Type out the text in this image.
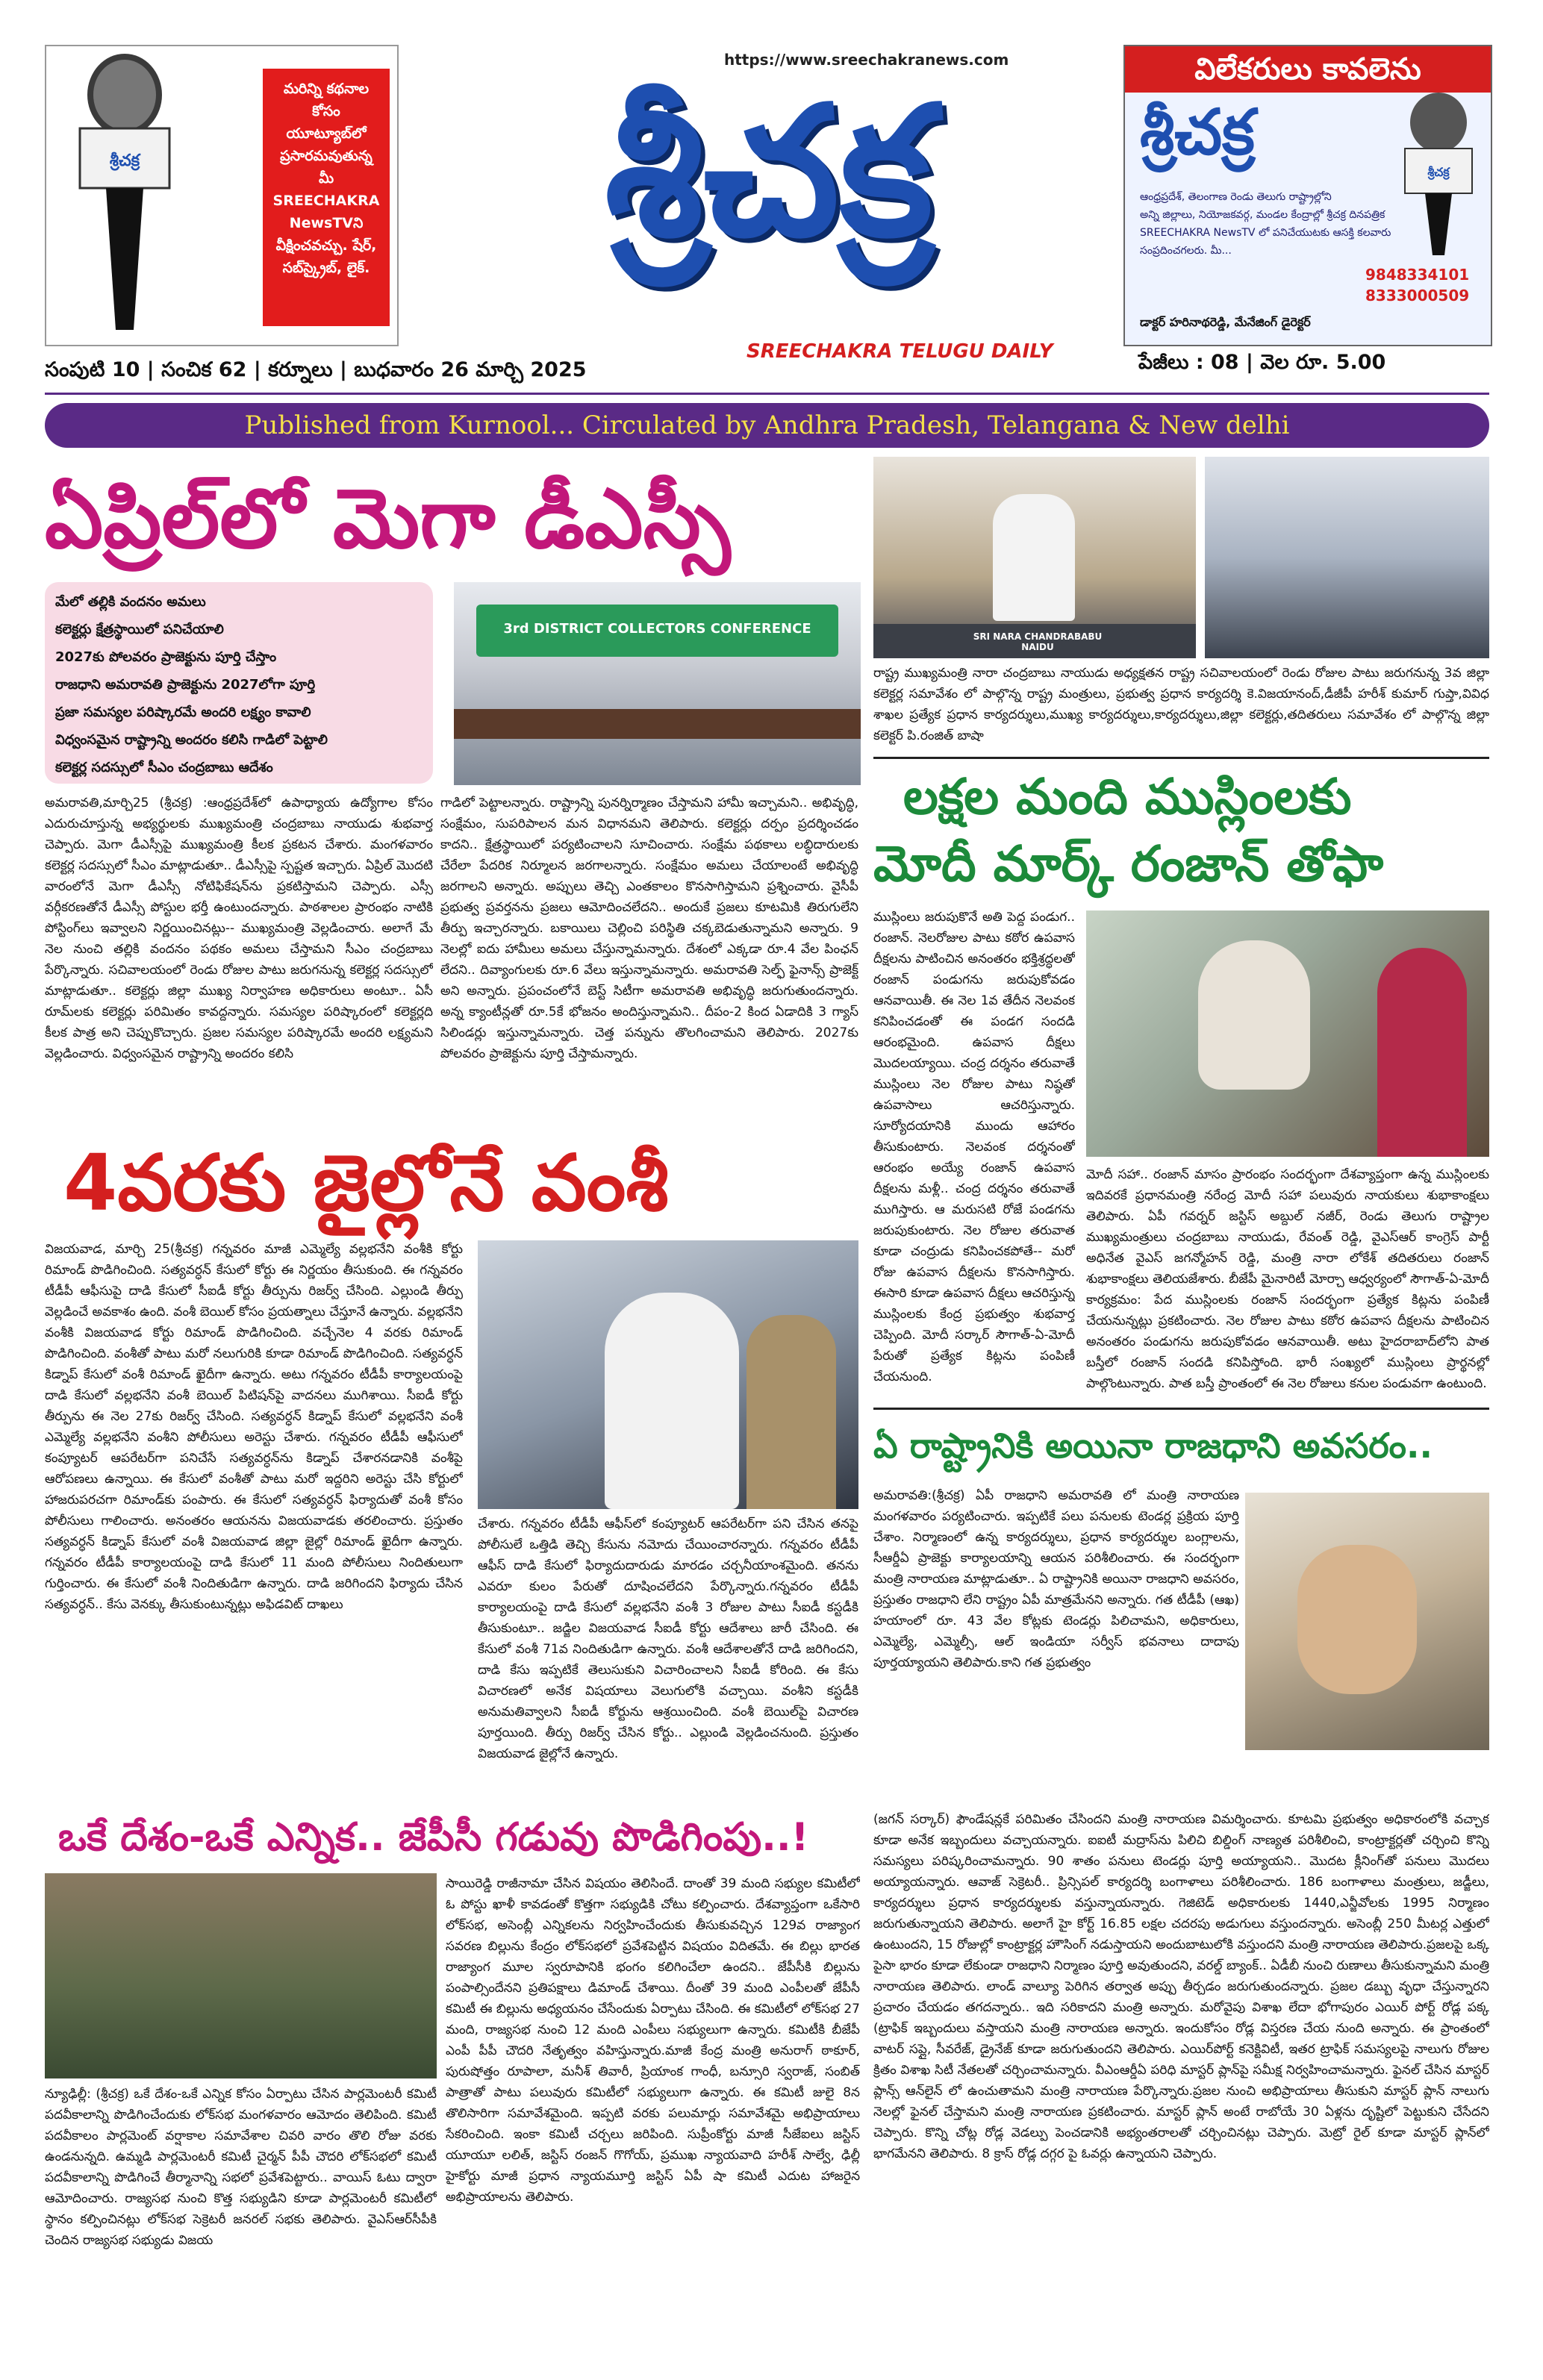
శ్రీచక్ర
మరిన్ని కథనాల కోసం యూట్యూబ్‌లో ప్రసారమవుతున్న మీ SREECHAKRA NewsTVని వీక్షించవచ్చు. షేర్, సబ్‌స్క్రైబ్, లైక్.
https://www.sreechakranews.com
శ్రీచక్ర
SREECHAKRA TELUGU DAILY
విలేకరులు కావలెను
శ్రీచక్ర
శ్రీచక్ర
ఆంధ్రప్రదేశ్, తెలంగాణ రెండు తెలుగు రాష్ట్రాల్లోని
అన్ని జిల్లాలు, నియోజకవర్గ, మండల కేంద్రాల్లో శ్రీచక్ర దినపత్రిక
SREECHAKRA NewsTV లో పనిచేయుటకు ఆసక్తి కలవారు
సంప్రదించగలరు. మీ...
9848334101
8333000509
డాక్టర్ హరినాథరెడ్డి, మేనేజింగ్ డైరెక్టర్
సంపుటి 10 | సంచిక 62 | కర్నూలు | బుధవారం 26 మార్చి 2025	పేజీలు : 08 | వెల రూ. 5.00
Published from Kurnool... Circulated by Andhra Pradesh, Telangana & New delhi
ఏప్రిల్‌లో మెగా డీఎస్సీ
మే‌లో తల్లికి వందనం అమలు
కలెక్టర్లు క్షేత్రస్థాయిలో పనిచేయాలి
2027కు పోలవరం ప్రాజెక్టును పూర్తి చేస్తాం
రాజధాని అమరావతి ప్రాజెక్టును 2027లోగా పూర్తి
ప్రజా సమస్యల పరిష్కారమే అందరి లక్ష్యం కావాలి
విధ్వంసమైన రాష్ట్రాన్ని అందరం కలిసి గాడిలో పెట్టాలి
కలెక్టర్ల సదస్సులో సీఎం చంద్రబాబు ఆదేశం
3rd DISTRICT COLLECTORS CONFERENCE
అమరావతి,మార్చి25 (శ్రీచక్ర) :ఆంధ్రప్రదేశ్‌లో ఉపాధ్యాయ ఉద్యోగాల కోసం ఎదురుచూస్తున్న అభ్యర్థులకు ముఖ్యమంత్రి చంద్రబాబు నాయుడు శుభవార్త చెప్పారు. మెగా డీఎస్సీపై ముఖ్యమంత్రి కీలక ప్రకటన చేశారు. మంగళవారం కలెక్టర్ల సదస్సులో సీఎం మాట్లాడుతూ.. డీఎస్సీపై స్పష్టత ఇచ్చారు. ఏప్రిల్ మొదటి వారంలోనే మెగా డీఎస్సీ నోటిఫికేషన్‌ను ప్రకటిస్తామని చెప్పారు. ఎస్సీ వర్గీకరణతోనే డీఎస్సీ పోస్టుల భర్తీ ఉంటుందన్నారు. పాఠశాలల ప్రారంభం నాటికి పోస్టింగ్‌లు ఇవ్వాలని నిర్ణయించినట్లు-- ముఖ్యమంత్రి వెల్లడించారు. అలాగే మే నెల నుంచి తల్లికి వందనం పథకం అమలు చేస్తామని సీఎం చంద్రబాబు పేర్కొన్నారు. సచివాలయంలో రెండు రోజుల పాటు జరుగనున్న కలెక్టర్ల సదస్సులో మాట్లాడుతూ.. కలెక్టర్లు జిల్లా ముఖ్య నిర్వాహణ అధికారులు అంటూ.. ఏసీ రూమ్‌లకు కలెక్టర్లు పరిమితం కావద్దన్నారు. సమస్యల పరిష్కారంలో కలెక్టర్లది కీలక పాత్ర అని చెప్పుకొచ్చారు. ప్రజల సమస్యల పరిష్కారమే అందరి లక్ష్యమని వెల్లడించారు. విధ్వంసమైన రాష్ట్రాన్ని అందరం కలిసి
గాడిలో పెట్టాలన్నారు. రాష్ట్రాన్ని పునర్నిర్మాణం చేస్తామని హామీ ఇచ్చామని.. అభివృద్ధి, సంక్షేమం, సుపరిపాలన మన విధానమని తెలిపారు. కలెక్టర్లు దర్పం ప్రదర్శించడం కాదని.. క్షేత్రస్థాయిలో పర్యటించాలని సూచించారు. సంక్షేమ పథకాలు లబ్ధిదారులకు చేరేలా పేదరిక నిర్మూలన జరగాలన్నారు. సంక్షేమం అమలు చేయాలంటే అభివృద్ధి జరగాలని అన్నారు. అప్పులు తెచ్చి ఎంతకాలం కొనసాగిస్తామని ప్రశ్నించారు. వైసీపీ ప్రభుత్వ ప్రవర్తనను ప్రజలు ఆమోదించలేదని.. అందుకే ప్రజలు కూటమికి తిరుగులేని తీర్పు ఇచ్చారన్నారు. బకాయిలు చెల్లించి పరిస్థితి చక్కబెడుతున్నామని అన్నారు. 9 నెలల్లో ఐదు హామీలు అమలు చేస్తున్నామన్నారు. దేశంలో ఎక్కడా రూ.4 వేల పింఛన్ లేదని.. దివ్యాంగులకు రూ.6 వేలు ఇస్తున్నామన్నారు. అమరావతి సెల్ఫ్ ఫైనాన్స్ ప్రాజెక్ట్ అని అన్నారు. ప్రపంచంలోనే బెస్ట్ సిటీగా అమరావతి అభివృద్ధి జరుగుతుందన్నారు. అన్న క్యాంటీన్లతో రూ.5కే భోజనం అందిస్తున్నామని.. దీపం-2 కింద ఏడాదికి 3 గ్యాస్ సిలిండర్లు ఇస్తున్నామన్నారు. చెత్త పన్నును తొలగించామని తెలిపారు. 2027కు పోలవరం ప్రాజెక్టును పూర్తి చేస్తామన్నారు.
SRI NARA CHANDRABABU NAIDU
రాష్ట్ర ముఖ్యమంత్రి నారా చంద్రబాబు నాయుడు అధ్యక్షతన రాష్ట్ర సచివాలయంలో రెండు రోజుల పాటు జరుగనున్న 3వ జిల్లా కలెక్టర్ల సమావేశం లో పాల్గొన్న రాష్ట్ర మంత్రులు, ప్రభుత్వ ప్రధాన కార్యదర్శి కె.విజయానంద్,డీజీపీ హరీశ్ కుమార్ గుప్తా,వివిధ శాఖల ప్రత్యేక ప్రధాన కార్యదర్శులు,ముఖ్య కార్యదర్శులు,కార్యదర్శులు,జిల్లా కలెక్టర్లు,తదితరులు సమావేశం లో పాల్గొన్న జిల్లా కలెక్టర్ పి.రంజిత్ బాషా
లక్షల మంది ముస్లింలకు
మోదీ మార్క్ రంజాన్ తోఫా
ముస్లింలు జరుపుకొనే అతి పెద్ద పండుగ.. రంజాన్. నెలరోజుల పాటు కఠోర ఉపవాస దీక్షలను పాటించిన అనంతరం భక్తిశ్రద్ధలతో రంజాన్ పండుగను జరుపుకోవడం ఆనవాయితీ. ఈ నెల 1వ తేదీన నెలవంక కనిపించడంతో ఈ పండగ సందడి ఆరంభమైంది. ఉపవాస దీక్షలు మొదలయ్యాయి. చంద్ర దర్శనం తరువాతే ముస్లింలు నెల రోజుల పాటు నిష్ఠతో ఉపవాసాలు ఆచరిస్తున్నారు. సూర్యోదయానికి ముందు ఆహారం తీసుకుంటారు. నెలవంక దర్శనంతో ఆరంభం అయ్యే రంజాన్ ఉపవాస దీక్షలను మళ్లీ.. చంద్ర దర్శనం తరువాతే ముగిస్తారు. ఆ మరుసటి రోజే పండగను జరుపుకుంటారు. నెల రోజుల తరువాత కూడా చంద్రుడు కనిపించకపోతే-- మరో రోజు ఉపవాస దీక్షలను కొనసాగిస్తారు. ఈసారి కూడా ఉపవాస దీక్షలు ఆచరిస్తున్న ముస్లింలకు కేంద్ర ప్రభుత్వం శుభవార్త చెప్పింది. మోదీ సర్కార్ సౌగాత్-ఏ-మోదీ పేరుతో ప్రత్యేక కిట్లను పంపిణీ చేయనుంది.
మోదీ సహా.. రంజాన్ మాసం ప్రారంభం సందర్భంగా దేశవ్యాప్తంగా ఉన్న ముస్లింలకు ఇదివరకే ప్రధానమంత్రి నరేంద్ర మోదీ సహా పలువురు నాయకులు శుభాకాంక్షలు తెలిపారు. ఏపీ గవర్నర్ జస్టిస్ అబ్దుల్ నజీర్, రెండు తెలుగు రాష్ట్రాల ముఖ్యమంత్రులు చంద్రబాబు నాయుడు, రేవంత్ రెడ్డి, వైఎస్ఆర్ కాంగ్రెస్ పార్టీ అధినేత వైఎస్ జగన్మోహన్ రెడ్డి, మంత్రి నారా లోకేశ్ తదితరులు రంజాన్ శుభాకాంక్షలు తెలియజేశారు. బీజేపీ మైనారిటీ మోర్చా ఆధ్వర్యంలో సౌగాత్-ఏ-మోదీ కార్యక్రమం: పేద ముస్లింలకు రంజాన్ సందర్భంగా ప్రత్యేక కిట్లను పంపిణీ చేయనున్నట్లు ప్రకటించారు. నెల రోజుల పాటు కఠోర ఉపవాస దీక్షలను పాటించిన అనంతరం పండుగను జరుపుకోవడం ఆనవాయితీ. అటు హైదరాబాద్‌లోని పాత బస్తీలో రంజాన్ సందడి కనిపిస్తోంది. భారీ సంఖ్యలో ముస్లింలు ప్రార్థనల్లో పాల్గొంటున్నారు. పాత బస్తీ ప్రాంతంలో ఈ నెల రోజులు కనుల పండువగా ఉంటుంది.
4వరకు జైల్లోనే వంశీ
విజయవాడ, మార్చి 25(శ్రీచక్ర) గన్నవరం మాజీ ఎమ్మెల్యే వల్లభనేని వంశీకి కోర్టు రిమాండ్ పొడిగించింది. సత్యవర్ధన్ కేసులో కోర్టు ఈ నిర్ణయం తీసుకుంది. ఈ గన్నవరం టీడీపీ ఆఫీసుపై దాడి కేసులో సీఐడీ కోర్టు తీర్పును రిజర్వ్ చేసింది. ఎల్లుండి తీర్పు వెల్లడించే అవకాశం ఉంది. వంశీ బెయిల్ కోసం ప్రయత్నాలు చేస్తూనే ఉన్నారు. వల్లభనేని వంశీకి విజయవాడ కోర్టు రిమాండ్ పొడిగించింది. వచ్చేనెల 4 వరకు రిమాండ్ పొడిగించింది. వంశీతో పాటు మరో నలుగురికి కూడా రిమాండ్ పొడిగించింది. సత్యవర్ధన్ కిడ్నాప్ కేసులో వంశీ రిమాండ్ ఖైదీగా ఉన్నారు. అటు గన్నవరం టీడీపీ కార్యాలయంపై దాడి కేసులో వల్లభనేని వంశీ బెయిల్ పిటిషన్‌పై వాదనలు ముగిశాయి. సీఐడీ కోర్టు తీర్పును ఈ నెల 27కు రిజర్వ్ చేసింది. సత్యవర్ధన్ కిడ్నాప్ కేసులో వల్లభనేని వంశీ ఎమ్మెల్యే వల్లభనేని వంశీని పోలీసులు అరెస్టు చేశారు. గన్నవరం టీడీపీ ఆఫీసులో కంప్యూటర్ ఆపరేటర్‌గా పనిచేసే సత్యవర్ధన్‌ను కిడ్నాప్ చేశారనడానికి వంశీపై ఆరోపణలు ఉన్నాయి. ఈ కేసులో వంశీతో పాటు మరో ఇద్దరిని అరెస్టు చేసి కోర్టులో హాజరుపరచగా రిమాండ్‌కు పంపారు. ఈ కేసులో సత్యవర్ధన్ ఫిర్యాదుతో వంశీ కోసం పోలీసులు గాలించారు. అనంతరం ఆయనను విజయవాడకు తరలించారు. ప్రస్తుతం సత్యవర్ధన్ కిడ్నాప్ కేసులో వంశీ విజయవాడ జిల్లా జైల్లో రిమాండ్ ఖైదీగా ఉన్నారు. గన్నవరం టీడీపీ కార్యాలయంపై దాడి కేసులో 11 మంది పోలీసులు నిందితులుగా గుర్తించారు. ఈ కేసులో వంశీ నిందితుడిగా ఉన్నారు. దాడి జరిగిందని ఫిర్యాదు చేసిన సత్యవర్ధన్.. కేసు వెనక్కు తీసుకుంటున్నట్లు అఫిడవిట్ దాఖలు
చేశారు. గన్నవరం టీడీపీ ఆఫీస్‌లో కంప్యూటర్ ఆపరేటర్‌గా పని చేసిన తనపై పోలీసులే ఒత్తిడి తెచ్చి కేసును నమోదు చేయించారన్నారు. గన్నవరం టీడీపీ ఆఫీస్ దాడి కేసులో ఫిర్యాదుదారుడు మారడం చర్చనీయాంశమైంది. తనను ఎవరూ కులం పేరుతో దూషించలేదని పేర్కొన్నారు.గన్నవరం టీడీపీ కార్యాలయంపై దాడి కేసులో వల్లభనేని వంశీ 3 రోజుల పాటు సీఐడీ కస్టడీకి తీసుకుంటూ.. జడ్జిల విజయవాడ సీఐడీ కోర్టు ఆదేశాలు జారీ చేసింది. ఈ కేసులో వంశీ 71వ నిందితుడిగా ఉన్నారు. వంశీ ఆదేశాలతోనే దాడి జరిగిందని, దాడి కేసు ఇప్పటికే తెలుసుకుని విచారించాలని సీఐడీ కోరింది. ఈ కేసు విచారణలో అనేక విషయాలు వెలుగులోకి వచ్చాయి. వంశీని కస్టడీకి అనుమతివ్వాలని సీఐడీ కోర్టును ఆశ్రయించింది. వంశీ బెయిల్‌పై విచారణ పూర్తయింది. తీర్పు రిజర్వ్ చేసిన కోర్టు.. ఎల్లుండి వెల్లడించనుంది. ప్రస్తుతం విజయవాడ జైల్లోనే ఉన్నారు.
ఏ రాష్ట్రానికి అయినా రాజధాని అవసరం..
అమరావతి:(శ్రీచక్ర) ఏపీ రాజధాని అమరావతి లో మంత్రి నారాయణ మంగళవారం పర్యటించారు. ఇప్పటికే పలు పనులకు టెండర్ల ప్రక్రియ పూర్తి చేశాం. నిర్మాణంలో ఉన్న కార్యదర్శులు, ప్రధాన కార్యదర్శుల బంగ్లాలను, సీఆర్డీఏ ప్రాజెక్టు కార్యాలయాన్ని ఆయన పరిశీలించారు. ఈ సందర్భంగా మంత్రి నారాయణ మాట్లాడుతూ.. ఏ రాష్ట్రానికి అయినా రాజధాని అవసరం, ప్రస్తుతం రాజధాని లేని రాష్ట్రం ఏపీ మాత్రమేనని అన్నారు. గత టీడీపీ (ఆఖ) హయాంలో రూ. 43 వేల కోట్లకు టెండర్లు పిలిచామని, అధికారులు, ఎమ్మెల్యే, ఎమ్మెల్సీ, ఆల్ ఇండియా సర్వీస్ భవనాలు దాదాపు పూర్తయ్యాయని తెలిపారు.కాని గత ప్రభుత్వం
(జగన్ సర్కార్) ఫౌండేషన్లకే పరిమితం చేసిందని మంత్రి నారాయణ విమర్శించారు. కూటమి ప్రభుత్వం అధికారంలోకి వచ్చాక కూడా అనేక ఇబ్బందులు వచ్చాయన్నారు. ఐఐటీ మద్రాస్‌ను పిలిచి బిల్డింగ్ నాణ్యత పరిశీలించి, కాంట్రాక్టర్లతో చర్చించి కొన్ని సమస్యలు పరిష్కరించామన్నారు. 90 శాతం పనులు టెండర్లు పూర్తి అయ్యాయని.. మొదట క్లీనింగ్‌తో పనులు మొదలు అయ్యాయన్నారు. ఆవాజ్ సెక్రెటరీ.. ప్రిన్సిపల్ కార్యదర్శి బంగాళాలు పరిశీలించారు. 186 బంగాళాలు మంత్రులు, జడ్జీలు, కార్యదర్శులు ప్రధాన కార్యదర్శులకు వస్తున్నాయన్నారు. గెజిటెడ్ అధికారులకు 1440,ఎన్జీవోలకు 1995 నిర్మాణం జరుగుతున్నాయని తెలిపారు. అలాగే హై కోర్ట్ 16.85 లక్షల చదరపు అడుగులు వస్తుందన్నారు. అసెంబ్లీ 250 మీటర్ల ఎత్తులో ఉంటుందని, 15 రోజుల్లో కాంట్రాక్టర్ల హౌసింగ్ నడుస్తాయని అందుబాటులోకి వస్తుందని మంత్రి నారాయణ తెలిపారు.ప్రజలపై ఒక్క పైసా భారం కూడా లేకుండా రాజధాని నిర్మాణం పూర్తి అవుతుందని, వరల్డ్ బ్యాంక్.. ఏడీబీ నుంచి రుణాలు తీసుకున్నామని మంత్రి నారాయణ తెలిపారు. లాండ్ వాల్యూ పెరిగిన తర్వాత అప్పు తీర్చడం జరుగుతుందన్నారు. ప్రజల డబ్బు వృధా చేస్తున్నారని ప్రచారం చేయడం తగదన్నారు.. ఇది సరికాదని మంత్రి అన్నారు. మరోవైపు విశాఖ లేదా భోగాపురం ఎయిర్ పోర్ట్ రోడ్ల పక్క (ట్రాఫిక్ ఇబ్బందులు వస్తాయని మంత్రి నారాయణ అన్నారు. ఇందుకోసం రోడ్ల విస్తరణ చేయ నుంది అన్నారు. ఈ ప్రాంతంలో వాటర్ సప్లై, సీవరేజ్, డ్రైనేజ్ కూడా జరుగుతుందని తెలిపారు. ఎయిర్‌పోర్ట్ కనెక్టివిటీ, ఇతర ట్రాఫిక్ సమస్యలపై నాలుగు రోజుల క్రితం విశాఖ సిటీ నేతలతో చర్చించామన్నారు. వీఎంఆర్డీఏ పరిధి మాస్టర్ ప్లాన్‌పై సమీక్ష నిర్వహించామన్నారు. ఫైనల్ చేసిన మాస్టర్ ప్లాన్స్ ఆన్‌లైన్ లో ఉంచుతామని మంత్రి నారాయణ పేర్కొన్నారు.ప్రజల నుంచి అభిప్రాయాలు తీసుకుని మాస్టర్ ప్లాన్ నాలుగు నెలల్లో ఫైనల్ చేస్తామని మంత్రి నారాయణ ప్రకటించారు. మాస్టర్ ప్లాన్ అంటే రాబోయే 30 ఏళ్లను దృష్టిలో పెట్టుకుని చేసేదని చెప్పారు. కొన్ని చోట్ల రోడ్ల వెడల్పు పెంచడానికి అభ్యంతరాలతో చర్చించినట్లు చెప్పారు. మెట్రో రైల్ కూడా మాస్టర్ ప్లాన్‌లో భాగమేనని తెలిపారు. 8 క్రాస్ రోడ్ల దగ్గర పై ఓవర్లు ఉన్నాయని చెప్పారు.
ఒకే దేశం-ఒకే ఎన్నిక.. జేపీసీ గడువు పొడిగింపు..!
న్యూఢిల్లీ: (శ్రీచక్ర) ఒకే దేశం-ఒకే ఎన్నిక కోసం ఏర్పాటు చేసిన పార్లమెంటరీ కమిటీ పదవీకాలాన్ని పొడిగించేందుకు లోక్‌సభ మంగళవారం ఆమోదం తెలిపింది. కమిటీ పదవీకాలం పార్లమెంట్ వర్షాకాల సమావేశాల చివరి వారం తొలి రోజు వరకు ఉండనున్నది. ఉమ్మడి పార్లమెంటరీ కమిటీ చైర్మన్ పీపీ చౌదరి లోక్‌సభలో కమిటీ పదవీకాలాన్ని పొడిగించే తీర్మానాన్ని సభలో ప్రవేశపెట్టారు.. వాయిస్ ఓటు ద్వారా ఆమోదించారు. రాజ్యసభ నుంచి కొత్త సభ్యుడిని కూడా పార్లమెంటరీ కమిటీలో స్థానం కల్పించినట్లు లోక్‌సభ సెక్రెటరీ జనరల్ సభకు తెలిపారు. వైఎస్ఆర్‌సీపీకి చెందిన రాజ్యసభ సభ్యుడు విజయ
సాయిరెడ్డి రాజీనామా చేసిన విషయం తెలిసిందే. దాంతో 39 మంది సభ్యుల కమిటీలో ఓ పోస్టు ఖాళీ కావడంతో కొత్తగా సభ్యుడికి చోటు కల్పించారు. దేశవ్యాప్తంగా ఒకేసారి లోక్‌సభ, అసెంబ్లీ ఎన్నికలను నిర్వహించేందుకు తీసుకువచ్చిన 129వ రాజ్యాంగ సవరణ బిల్లును కేంద్రం లోక్‌సభలో ప్రవేశపెట్టిన విషయం విదితమే. ఈ బిల్లు భారత రాజ్యాంగ మూల స్వరూపానికి భంగం కలిగించేలా ఉందని.. జేపీసీకి బిల్లును పంపాల్సిందేనని ప్రతిపక్షాలు డిమాండ్ చేశాయి. దీంతో 39 మంది ఎంపీలతో జేపీసీ కమిటీ ఈ బిల్లును అధ్యయనం చేసేందుకు ఏర్పాటు చేసింది. ఈ కమిటీలో లోక్‌సభ 27 మంది, రాజ్యసభ నుంచి 12 మంది ఎంపీలు సభ్యులుగా ఉన్నారు. కమిటీకి బీజేపీ ఎంపీ పీపీ చౌదరి నేతృత్వం వహిస్తున్నారు.మాజీ కేంద్ర మంత్రి అనురాగ్ ఠాకూర్, పురుషోత్తం రూపాలా, మనీశ్ తివారీ, ప్రియాంక గాంధీ, బన్సూరి స్వరాజ్, సంబిత్ పాత్రాతో పాటు పలువురు కమిటీలో సభ్యులుగా ఉన్నారు. ఈ కమిటీ జులై 8న తొలిసారిగా సమావేశమైంది. ఇప్పటి వరకు పలుమార్లు సమావేశమై అభిప్రాయాలు సేకరించింది. ఇంకా కమిటీ చర్చలు జరిపింది. సుప్రీంకోర్టు మాజీ సీజేఐలు జస్టిస్ యూయూ లలిత్, జస్టిస్ రంజన్ గొగోయ్, ప్రముఖ న్యాయవాది హరీశ్ సాల్వే, ఢిల్లీ హైకోర్టు మాజీ ప్రధాన న్యాయమూర్తి జస్టిస్ ఏపీ షా కమిటీ ఎదుట హాజరైన అభిప్రాయాలను తెలిపారు.
